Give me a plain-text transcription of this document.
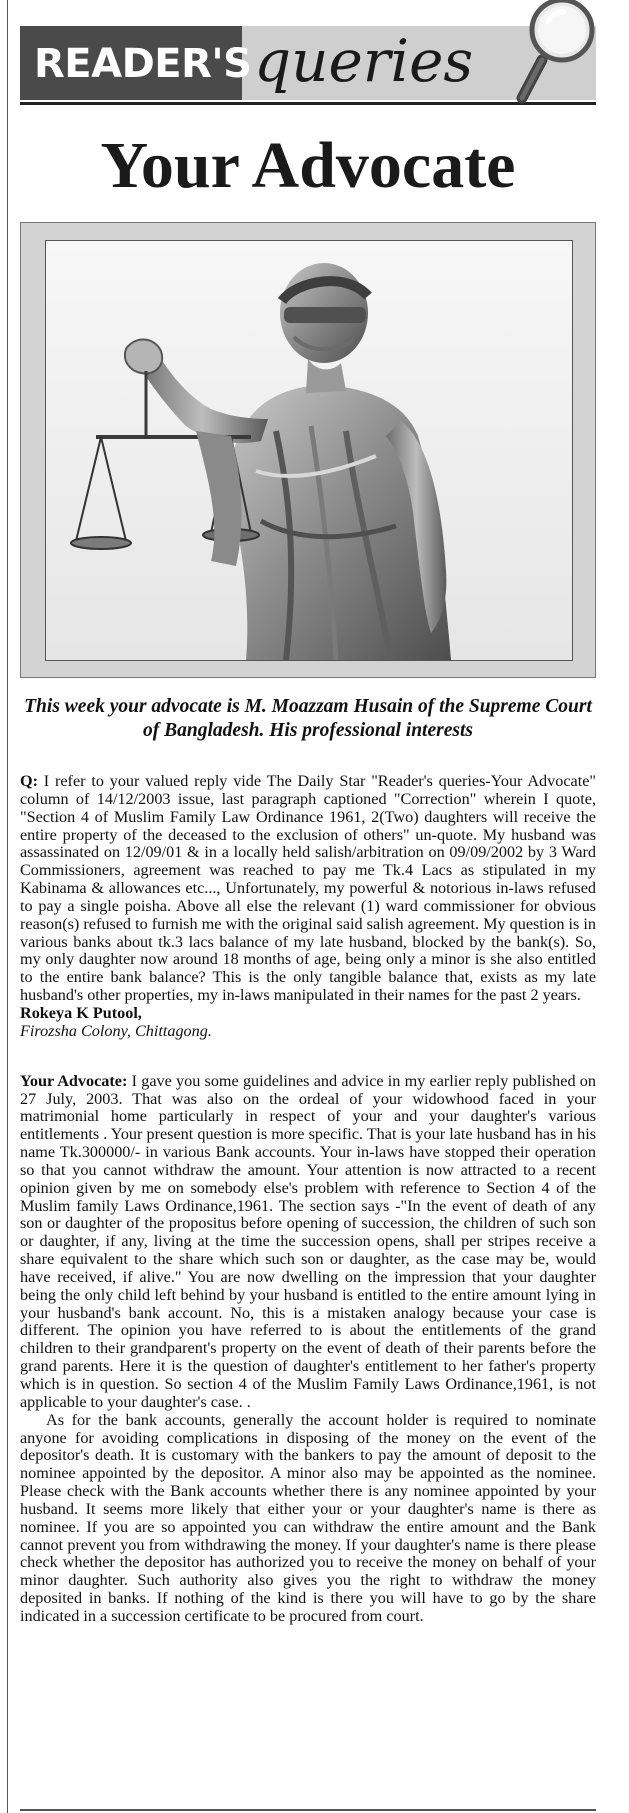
READER'S queries
Your Advocate

This week your advocate is M. Moazzam Husain of the Supreme Court of Bangladesh. His professional interests

Q: I refer to your valued reply vide The Daily Star "Reader's queries-Your Advocate" column of 14/12/2003 issue, last paragraph captioned "Correction" wherein I quote, "Section 4 of Muslim Family Law Ordinance 1961, 2(Two) daughters will receive the entire property of the deceased to the exclusion of others" un-quote. My husband was assassinated on 12/09/01 & in a locally held salish/arbitration on 09/09/2002 by 3 Ward Commissioners, agreement was reached to pay me Tk.4 Lacs as stipulated in my Kabinama & allowances etc..., Unfortunately, my powerful & notorious in-laws refused to pay a single poisha. Above all else the relevant (1) ward commissioner for obvious reason(s) refused to furnish me with the original said salish agreement. My question is in various banks about tk.3 lacs balance of my late husband, blocked by the bank(s). So, my only daughter now around 18 months of age, being only a minor is she also entitled to the entire bank balance? This is the only tangible balance that, exists as my late husband's other properties, my in-laws manipulated in their names for the past 2 years.

Rokeya K Putool,

Firozsha Colony, Chittagong.

Your Advocate: I gave you some guidelines and advice in my earlier reply published on 27 July, 2003. That was also on the ordeal of your widowhood faced in your matrimonial home particularly in respect of your and your daughter's various entitlements . Your present question is more specific. That is your late husband has in his name Tk.300000/- in various Bank accounts. Your in-laws have stopped their operation so that you cannot withdraw the amount. Your attention is now attracted to a recent opinion given by me on somebody else's problem with reference to Section 4 of the Muslim family Laws Ordinance,1961. The section says -"In the event of death of any son or daughter of the propositus before opening of succession, the children of such son or daughter, if any, living at the time the succession opens, shall per stripes receive a share equivalent to the share which such son or daughter, as the case may be, would have received, if alive." You are now dwelling on the impression that your daughter being the only child left behind by your husband is entitled to the entire amount lying in your husband's bank account. No, this is a mistaken analogy because your case is different. The opinion you have referred to is about the entitlements of the grand children to their grandparent's property on the event of death of their parents before the grand parents. Here it is the question of daughter's entitlement to her father's property which is in question. So section 4 of the Muslim Family Laws Ordinance,1961, is not applicable to your daughter's case. .

As for the bank accounts, generally the account holder is required to nominate anyone for avoiding complications in disposing of the money on the event of the depositor's death. It is customary with the bankers to pay the amount of deposit to the nominee appointed by the depositor. A minor also may be appointed as the nominee. Please check with the Bank accounts whether there is any nominee appointed by your husband. It seems more likely that either your or your daughter's name is there as nominee. If you are so appointed you can withdraw the entire amount and the Bank cannot prevent you from withdrawing the money. If your daughter's name is there please check whether the depositor has authorized you to receive the money on behalf of your minor daughter. Such authority also gives you the right to withdraw the money deposited in banks. If nothing of the kind is there you will have to go by the share indicated in a succession certificate to be procured from court.
